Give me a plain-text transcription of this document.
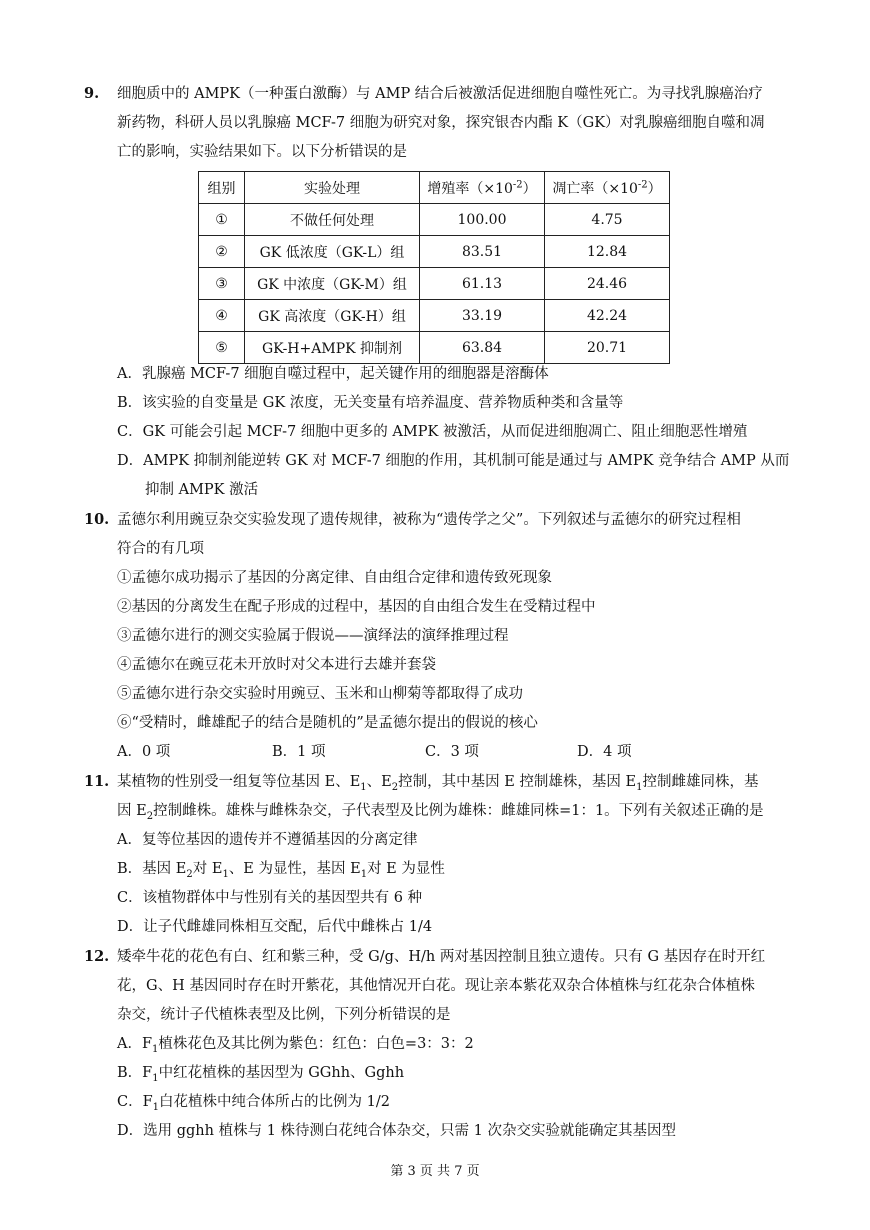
9. 细胞质中的 AMPK（一种蛋白激酶）与 AMP 结合后被激活促进细胞自噬性死亡。为寻找乳腺癌治疗
新药物，科研人员以乳腺癌 MCF-7 细胞为研究对象，探究银杏内酯 K（GK）对乳腺癌细胞自噬和凋
亡的影响，实验结果如下。以下分析错误的是
组别	实验处理	增殖率$(\times 10^{-2})$	凋亡率$(\times 10^{-2})$
①	不做任何处理	100.00	4.75
②	GK 低浓度（GK-L）组	83.51	12.84
③	GK 中浓度（GK-M）组	61.13	24.46
④	GK 高浓度（GK-H）组	33.19	42.24
⑤	GK-H+AMPK 抑制剂	63.84	20.71
A．乳腺癌 MCF-7 细胞自噬过程中，起关键作用的细胞器是溶酶体
B．该实验的自变量是 GK 浓度，无关变量有培养温度、营养物质种类和含量等
C．GK 可能会引起 MCF-7 细胞中更多的 AMPK 被激活，从而促进细胞凋亡、阻止细胞恶性增殖
D．AMPK 抑制剂能逆转 GK 对 MCF-7 细胞的作用，其机制可能是通过与 AMPK 竞争结合 AMP 从而
抑制 AMPK 激活
10. 孟德尔利用豌豆杂交实验发现了遗传规律，被称为“遗传学之父”。下列叙述与孟德尔的研究过程相
符合的有几项
①孟德尔成功揭示了基因的分离定律、自由组合定律和遗传致死现象
②基因的分离发生在配子形成的过程中，基因的自由组合发生在受精过程中
③孟德尔进行的测交实验属于假说——演绎法的演绎推理过程
④孟德尔在豌豆花未开放时对父本进行去雄并套袋
⑤孟德尔进行杂交实验时用豌豆、玉米和山柳菊等都取得了成功
⑥“受精时，雌雄配子的结合是随机的”是孟德尔提出的假说的核心
A．0 项	B．1 项	C．3 项	D．4 项
11. 某植物的性别受一组复等位基因 E、$E_1$、$E_2$控制，其中基因 E 控制雄株，基因 $E_1$控制雌雄同株，基
因 $E_2$控制雌株。雄株与雌株杂交，子代表型及比例为雄株：雌雄同株=1：1。下列有关叙述正确的是
A．复等位基因的遗传并不遵循基因的分离定律
B．基因 $E_2$对 $E_1$、E 为显性，基因 $E_1$对 E 为显性
C．该植物群体中与性别有关的基因型共有 6 种
D．让子代雌雄同株相互交配，后代中雌株占 1/4
12. 矮牵牛花的花色有白、红和紫三种，受 G/g、H/h 两对基因控制且独立遗传。只有 G 基因存在时开红
花，G、H 基因同时存在时开紫花，其他情况开白花。现让亲本紫花双杂合体植株与红花杂合体植株
杂交，统计子代植株表型及比例，下列分析错误的是
A．$F_1$植株花色及其比例为紫色：红色：白色=3：3：2
B．$F_1$中红花植株的基因型为 GGhh、Gghh
C．$F_1$白花植株中纯合体所占的比例为 1/2
D．选用 gghh 植株与 1 株待测白花纯合体杂交，只需 1 次杂交实验就能确定其基因型
第 3 页 共 7 页
